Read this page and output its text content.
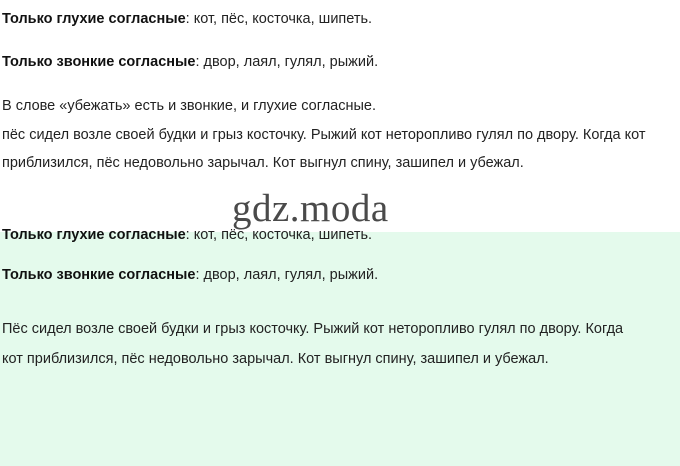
Только глухие согласные: кот, пёс, косточка, шипеть.
Только звонкие согласные: двор, лаял, гулял, рыжий.
В слове «убежать» есть и звонкие, и глухие согласные.
пёс сидел возле своей будки и грыз косточку. Рыжий кот неторопливо гулял по двору. Когда кот приблизился, пёс недовольно зарычал. Кот выгнул спину, зашипел и убежал.
Только глухие согласные: кот, пёс, косточка, шипеть.
Только звонкие согласные: двор, лаял, гулял, рыжий.
Пёс сидел возле своей будки и грыз косточку. Рыжий кот неторопливо гулял по двору. Когда кот приблизился, пёс недовольно зарычал. Кот выгнул спину, зашипел и убежал.
gdz.moda
